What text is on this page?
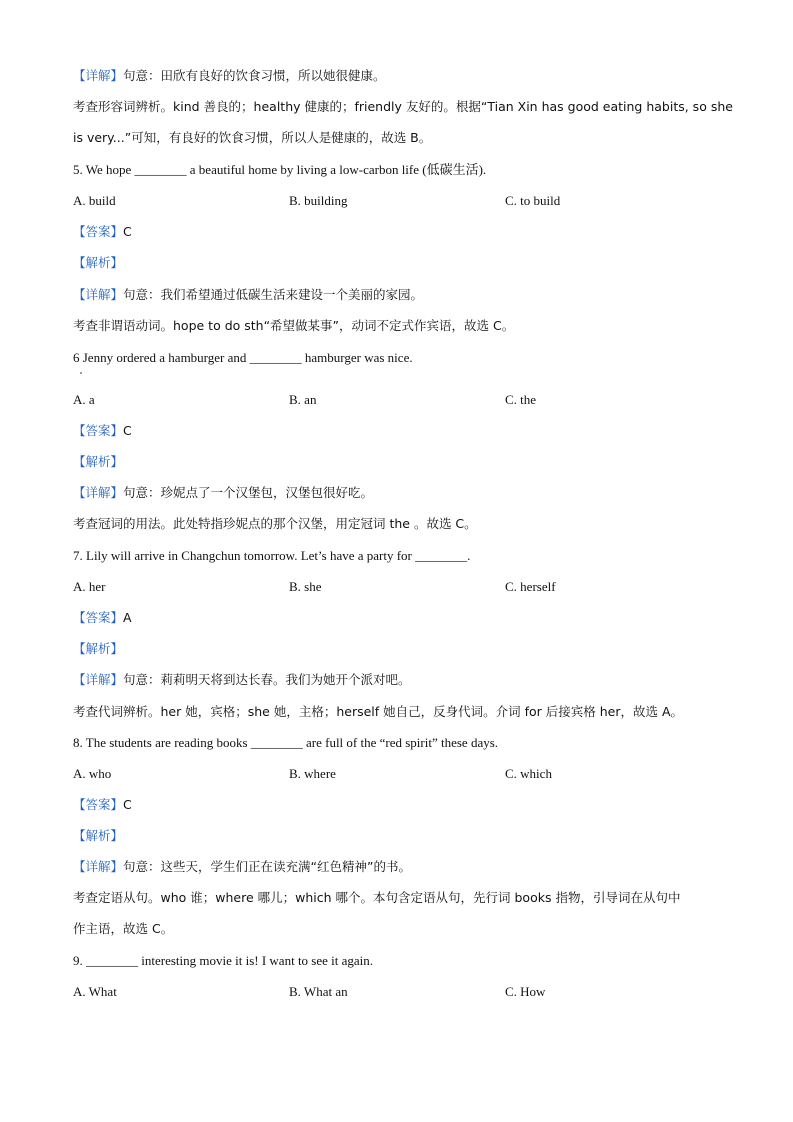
【详解】句意：田欣有良好的饮食习惯，所以她很健康。
考查形容词辨析。kind 善良的；healthy 健康的；friendly 友好的。根据“Tian Xin has good eating habits, so she
is very...”可知，有良好的饮食习惯，所以人是健康的，故选 B。
5. We hope ________ a beautiful home by living a low-carbon life (低碳生活).
A. build	B. building	C. to build
【答案】C
【解析】
【详解】句意：我们希望通过低碳生活来建设一个美丽的家园。
考查非谓语动词。hope to do sth“希望做某事”，动词不定式作宾语，故选 C。
6 Jenny ordered a hamburger and ________ hamburger was nice.
A. a	B. an	C. the
【答案】C
【解析】
【详解】句意：珍妮点了一个汉堡包，汉堡包很好吃。
考查冠词的用法。此处特指珍妮点的那个汉堡，用定冠词 the 。故选 C。
7. Lily will arrive in Changchun tomorrow. Let’s have a party for ________.
A. her	B. she	C. herself
【答案】A
【解析】
【详解】句意：莉莉明天将到达长春。我们为她开个派对吧。
考查代词辨析。her 她，宾格；she 她，主格；herself 她自己，反身代词。介词 for 后接宾格 her，故选 A。
8. The students are reading books ________ are full of the “red spirit” these days.
A. who	B. where	C. which
【答案】C
【解析】
【详解】句意：这些天，学生们正在读充满“红色精神”的书。
考查定语从句。who 谁；where 哪儿；which 哪个。本句含定语从句，先行词 books 指物，引导词在从句中
作主语，故选 C。
9. ________ interesting movie it is! I want to see it again.
A. What	B. What an	C. How
